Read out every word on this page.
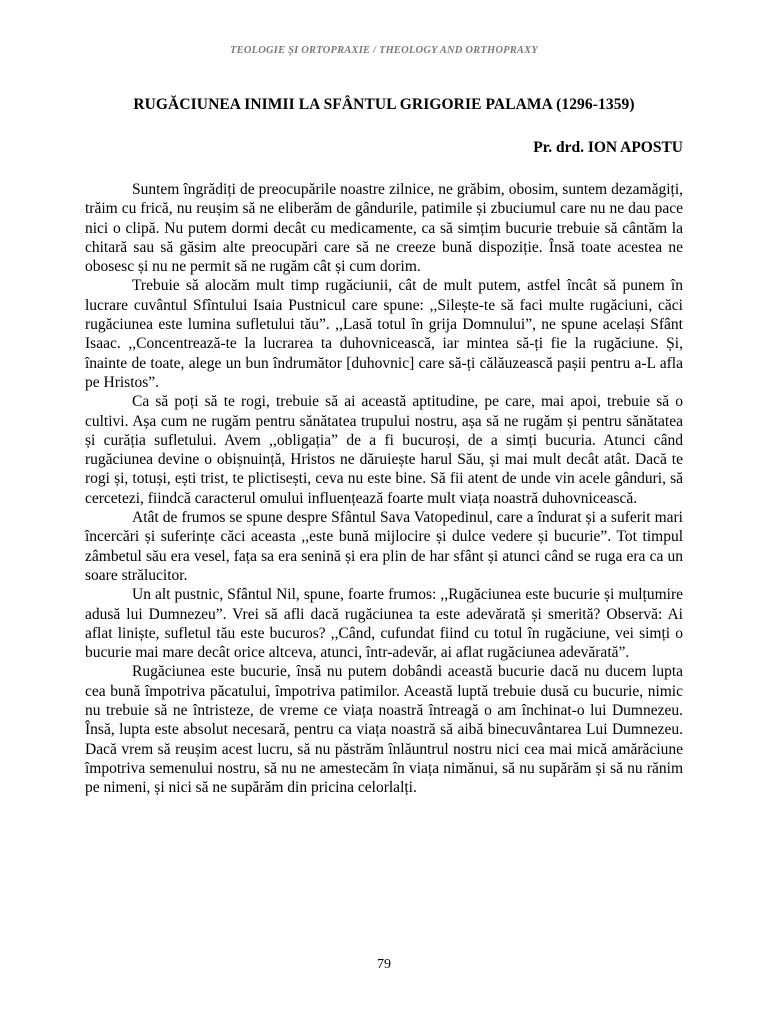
TEOLOGIE ȘI ORTOPRAXIE / THEOLOGY AND ORTHOPRAXY
RUGĂCIUNEA INIMII LA SFÂNTUL GRIGORIE PALAMA (1296-1359)
Pr. drd. ION APOSTU

Suntem îngrădiți de preocupările noastre zilnice, ne grăbim, obosim, suntem dezamăgiți, trăim cu frică, nu reușim să ne eliberăm de gândurile, patimile și zbuciumul care nu ne dau pace nici o clipă. Nu putem dormi decât cu medicamente, ca să simțim bucurie trebuie să cântăm la chitară sau să găsim alte preocupări care să ne creeze bună dispoziție. Însă toate acestea ne obosesc și nu ne permit să ne rugăm cât și cum dorim.

Trebuie să alocăm mult timp rugăciunii, cât de mult putem, astfel încât să punem în lucrare cuvântul Sfîntului Isaia Pustnicul care spune: ,,Silește-te să faci multe rugăciuni, căci rugăciunea este lumina sufletului tău”. ,,Lasă totul în grija Domnului”, ne spune același Sfânt Isaac. ,,Concentrează-te la lucrarea ta duhovnicească, iar mintea să-ți fie la rugăciune. Și, înainte de toate, alege un bun îndrumător [duhovnic] care să-ți călăuzească pașii pentru a-L afla pe Hristos”.

Ca să poți să te rogi, trebuie să ai această aptitudine, pe care, mai apoi, trebuie să o cultivi. Așa cum ne rugăm pentru sănătatea trupului nostru, așa să ne rugăm și pentru sănătatea și curăția sufletului. Avem ,,obligația” de a fi bucuroși, de a simți bucuria. Atunci când rugăciunea devine o obișnuință, Hristos ne dăruiește harul Său, și mai mult decât atât. Dacă te rogi și, totuși, ești trist, te plictisești, ceva nu este bine. Să fii atent de unde vin acele gânduri, să cercetezi, fiindcă caracterul omului influențează foarte mult viața noastră duhovnicească.

Atât de frumos se spune despre Sfântul Sava Vatopedinul, care a îndurat și a suferit mari încercări și suferințe căci aceasta ,,este bună mijlocire și dulce vedere și bucurie”. Tot timpul zâmbetul său era vesel, fața sa era senină și era plin de har sfânt și atunci când se ruga era ca un soare strălucitor.

Un alt pustnic, Sfântul Nil, spune, foarte frumos: ,,Rugăciunea este bucurie și mulțumire adusă lui Dumnezeu”. Vrei să afli dacă rugăciunea ta este adevărată și smerită? Observă: Ai aflat liniște, sufletul tău este bucuros? ,,Când, cufundat fiind cu totul în rugăciune, vei simți o bucurie mai mare decât orice altceva, atunci, într-adevăr, ai aflat rugăciunea adevărată”.

Rugăciunea este bucurie, însă nu putem dobândi această bucurie dacă nu ducem lupta cea bună împotriva păcatului, împotriva patimilor. Această luptă trebuie dusă cu bucurie, nimic nu trebuie să ne întristeze, de vreme ce viața noastră întreagă o am închinat-o lui Dumnezeu. Însă, lupta este absolut necesară, pentru ca viața noastră să aibă binecuvântarea Lui Dumnezeu. Dacă vrem să reușim acest lucru, să nu păstrăm înlăuntrul nostru nici cea mai mică amărăciune împotriva semenului nostru, să nu ne amestecăm în viața nimănui, să nu supărăm și să nu rănim pe nimeni, și nici să ne supărăm din pricina celorlalți.

79
